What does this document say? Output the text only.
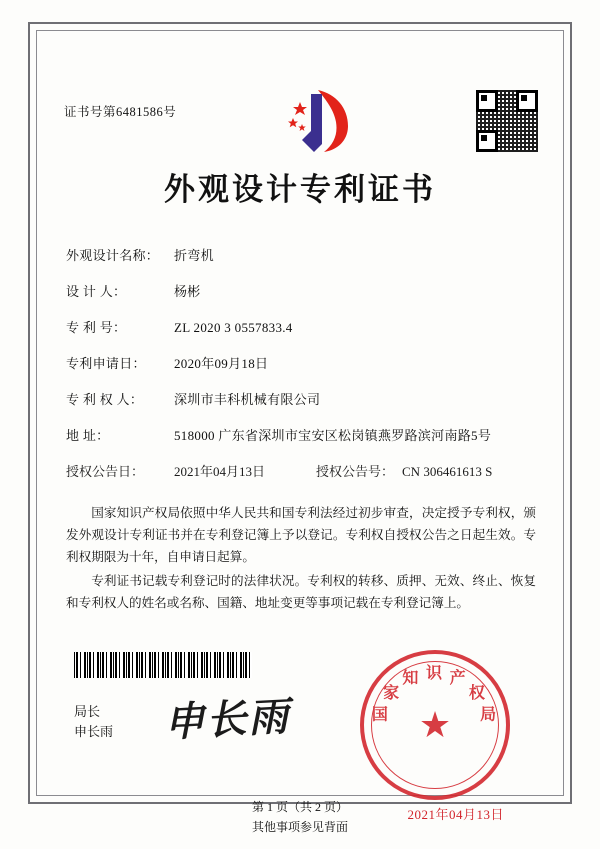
证书号第6481586号
外观设计专利证书
外观设计名称：	折弯机
设 计 人：	杨彬
专 利 号：	ZL 2020 3 0557833.4
专利申请日：	2020年09月18日
专 利 权 人：	深圳市丰科机械有限公司
地 址：	518000 广东省深圳市宝安区松岗镇燕罗路滨河南路5号
授权公告日：	2021年04月13日	授权公告号： CN 306461613 S

国家知识产权局依照中华人民共和国专利法经过初步审查，决定授予专利权，颁发外观设计专利证书并在专利登记簿上予以登记。专利权自授权公告之日起生效。专利权期限为十年，自申请日起算。

专利证书记载专利登记时的法律状况。专利权的转移、质押、无效、终止、恢复和专利权人的姓名或名称、国籍、地址变更等事项记载在专利登记簿上。

局长
申长雨 申长雨	★
国
家
知 识 产
权
局
2021年04月13日
第 1 页（共 2 页）
其他事项参见背面
